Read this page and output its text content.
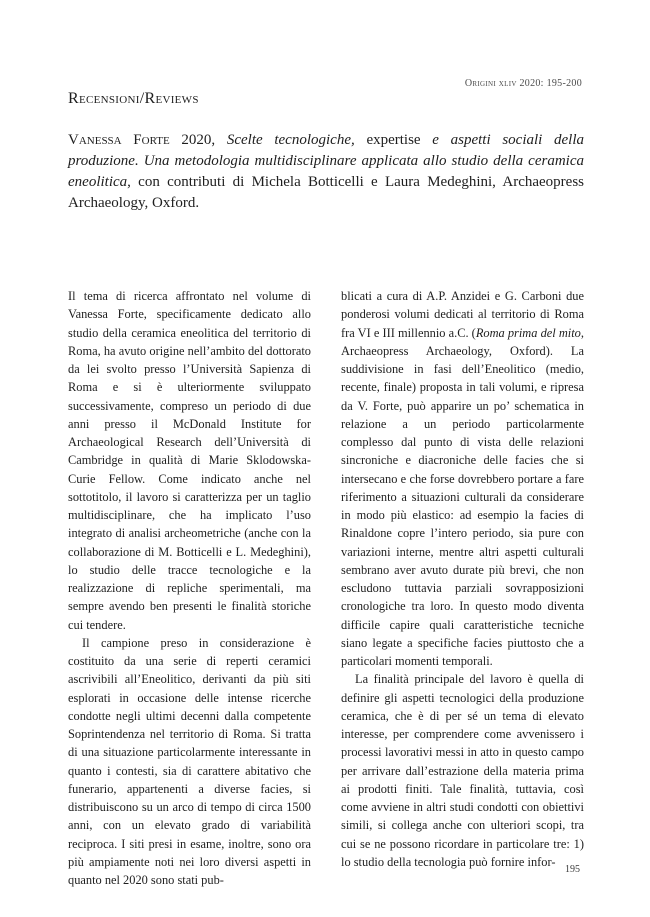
Origini xliv 2020: 195-200
Recensioni/Reviews
Vanessa Forte 2020, Scelte tecnologiche, expertise e aspetti sociali della produzione. Una metodologia multidisciplinare applicata allo studio della ceramica eneolitica, con contributi di Michela Botticelli e Laura Medeghini, Archaeopress Archaeology, Oxford.

Il tema di ricerca affrontato nel volume di Vanessa Forte, specificamente dedicato allo studio della ceramica eneolitica del territorio di Roma, ha avuto origine nell’ambito del dottorato da lei svolto presso l’Università Sapienza di Roma e si è ulteriormente sviluppato successivamente, compreso un periodo di due anni presso il McDonald Institute for Archaeological Research dell’Università di Cambridge in qualità di Marie Sklodowska-Curie Fellow. Come indicato anche nel sottotitolo, il lavoro si caratterizza per un taglio multidisciplinare, che ha implicato l’uso integrato di analisi archeometriche (anche con la collaborazione di M. Botticelli e L. Medeghini), lo studio delle tracce tecnologiche e la realizzazione di repliche sperimentali, ma sempre avendo ben presenti le finalità storiche cui tendere.

Il campione preso in considerazione è costituito da una serie di reperti ceramici ascrivibili all’Eneolitico, derivanti da più siti esplorati in occasione delle intense ricerche condotte negli ultimi decenni dalla competente Soprintendenza nel territorio di Roma. Si tratta di una situazione particolarmente interessante in quanto i contesti, sia di carattere abitativo che funerario, appartenenti a diverse facies, si distribuiscono su un arco di tempo di circa 1500 anni, con un elevato grado di variabilità reciproca. I siti presi in esame, inoltre, sono ora più ampiamente noti nei loro diversi aspetti in quanto nel 2020 sono stati pub-

blicati a cura di A.P. Anzidei e G. Carboni due ponderosi volumi dedicati al territorio di Roma fra VI e III millennio a.C. (Roma prima del mito, Archaeopress Archaeology, Oxford). La suddivisione in fasi dell’Eneolitico (medio, recente, finale) proposta in tali volumi, e ripresa da V. Forte, può apparire un po’ schematica in relazione a un periodo particolarmente complesso dal punto di vista delle relazioni sincroniche e diacroniche delle facies che si intersecano e che forse dovrebbero portare a fare riferimento a situazioni culturali da considerare in modo più elastico: ad esempio la facies di Rinaldone copre l’intero periodo, sia pure con variazioni interne, mentre altri aspetti culturali sembrano aver avuto durate più brevi, che non escludono tuttavia parziali sovrapposizioni cronologiche tra loro. In questo modo diventa difficile capire quali caratteristiche tecniche siano legate a specifiche facies piuttosto che a particolari momenti temporali.

La finalità principale del lavoro è quella di definire gli aspetti tecnologici della produzione ceramica, che è di per sé un tema di elevato interesse, per comprendere come avvenissero i processi lavorativi messi in atto in questo campo per arrivare dall’estrazione della materia prima ai prodotti finiti. Tale finalità, tuttavia, così come avviene in altri studi condotti con obiettivi simili, si collega anche con ulteriori scopi, tra cui se ne possono ricordare in particolare tre: 1) lo studio della tecnologia può fornire infor-

195
